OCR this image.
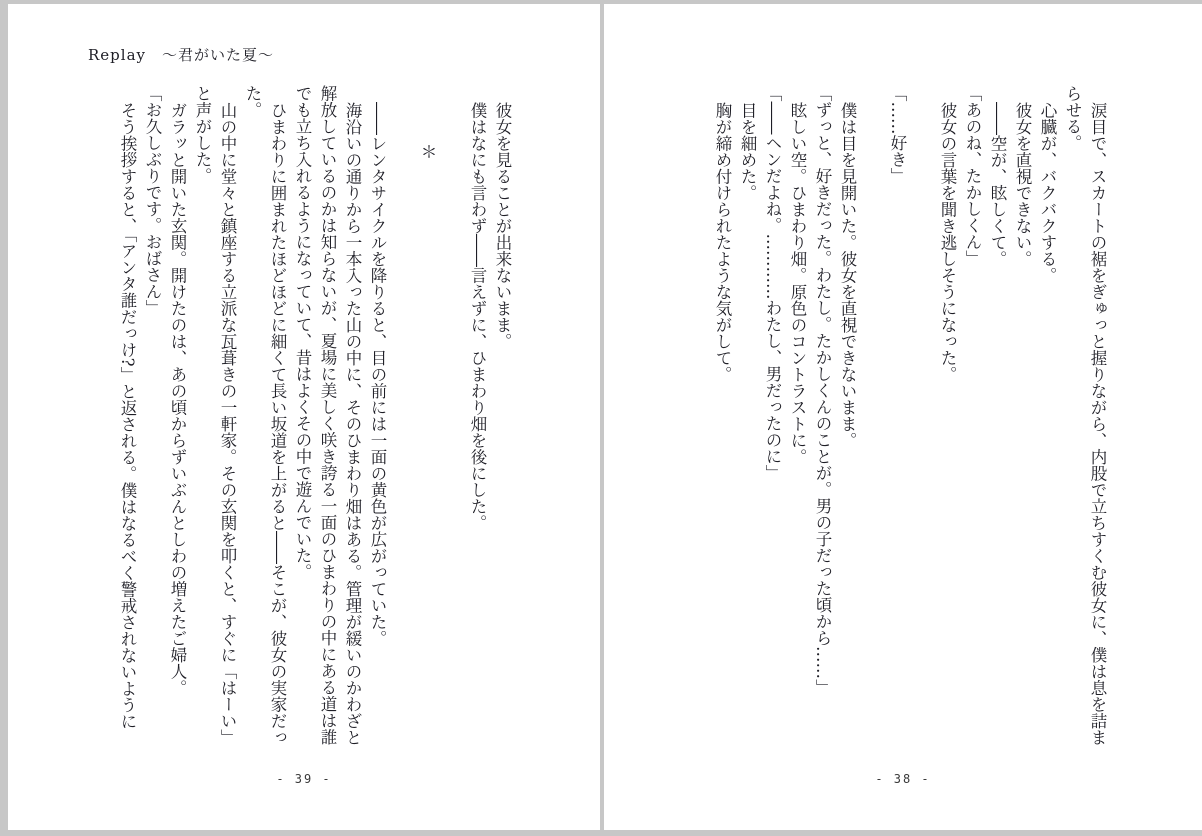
Replay　～君がいた夏～

彼女を見ることが出来ないまま。

僕はなにも言わず――言えずに、ひまわり畑を後にした。

＊

――レンタサイクルを降りると、目の前には一面の黄色が広がっていた。

海沿いの通りから一本入った山の中に、そのひまわり畑はある。管理が緩いのかわざと解放しているのかは知らないが、夏場に美しく咲き誇る一面のひまわりの中にある道は誰でも立ち入れるようになっていて、昔はよくその中で遊んでいた。

ひまわりに囲まれたほどほどに細くて長い坂道を上がると――そこが、彼女の実家だった。

山の中に堂々と鎮座する立派な瓦葺きの一軒家。その玄関を叩くと、すぐに「はーい」と声がした。

ガラッと開いた玄関。開けたのは、あの頃からずいぶんとしわの増えたご婦人。

「お久しぶりです。おばさん」

そう挨拶すると、「アンタ誰だっけ?」と返される。僕はなるべく警戒されないように

- 39 -

涙目で、スカートの裾をぎゅっと握りながら、内股で立ちすくむ彼女に、僕は息を詰まらせる。

心臓が、バクバクする。

彼女を直視できない。

――空が、眩しくて。

「あのね、たかしくん」

彼女の言葉を聞き逃しそうになった。

「……好き」

僕は目を見開いた。彼女を直視できないまま。

「ずっと、好きだった。わたし。たかしくんのことが。男の子だった頃から……」

眩しい空。ひまわり畑。原色のコントラストに。

「――ヘンだよね。…………わたし、男だったのに」

目を細めた。

胸が締め付けられたような気がして。

- 38 -
